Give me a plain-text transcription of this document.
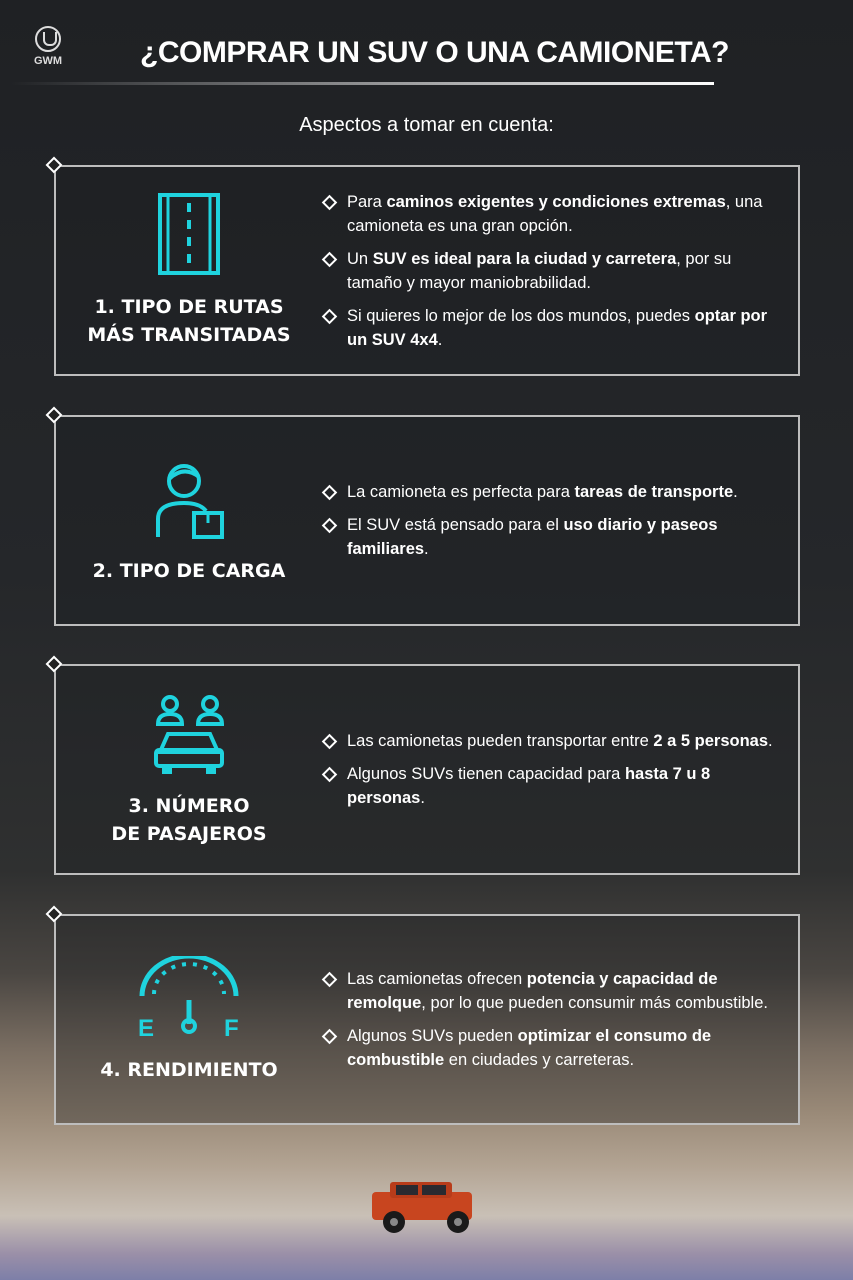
GWM	¿COMPRAR UN SUV O UNA CAMIONETA?
Aspectos a tomar en cuenta:
1. TIPO DE RUTAS
MÁS TRANSITADAS
Para caminos exigentes y condiciones extremas, una camioneta es una gran opción.
Un SUV es ideal para la ciudad y carretera, por su tamaño y mayor maniobrabilidad.
Si quieres lo mejor de los dos mundos, puedes optar por un SUV 4x4.
2. TIPO DE CARGA
La camioneta es perfecta para tareas de transporte.
El SUV está pensado para el uso diario y paseos familiares.
3. NÚMERO
DE PASAJEROS
Las camionetas pueden transportar entre 2 a 5 personas.
Algunos SUVs tienen capacidad para hasta 7 u 8 personas.
E	F
4. RENDIMIENTO
Las camionetas ofrecen potencia y capacidad de remolque, por lo que pueden consumir más combustible.
Algunos SUVs pueden optimizar el consumo de combustible en ciudades y carreteras.
